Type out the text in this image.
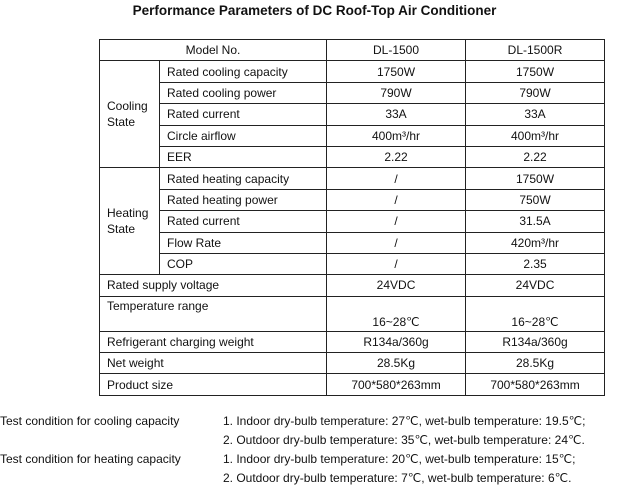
Performance Parameters of DC Roof-Top Air Conditioner
Model No.		DL-1500	DL-1500R
Cooling
State	Rated cooling capacity	1750W	1750W
	Rated cooling power	790W	790W
	Rated current	33A	33A
	Circle airflow	400m³/hr	400m³/hr
	EER	2.22	2.22
Heating
State	Rated heating capacity	/	1750W
	Rated heating power	/	750W
	Rated current	/	31.5A
	Flow Rate	/	420m³/hr
	COP	/	2.35
Rated supply voltage		24VDC	24VDC
Temperature range		16~28℃	16~28℃
Refrigerant charging weight		R134a/360g	R134a/360g
Net weight		28.5Kg	28.5Kg
Product size		700*580*263mm	700*580*263mm
Test condition for cooling capacity	1. Indoor dry-bulb temperature: 27℃, wet-bulb temperature: 19.5℃;
2. Outdoor dry-bulb temperature: 35℃, wet-bulb temperature: 24℃.
Test condition for heating capacity	1. Indoor dry-bulb temperature: 20℃, wet-bulb temperature: 15℃;
2. Outdoor dry-bulb temperature: 7℃, wet-bulb temperature: 6℃.
